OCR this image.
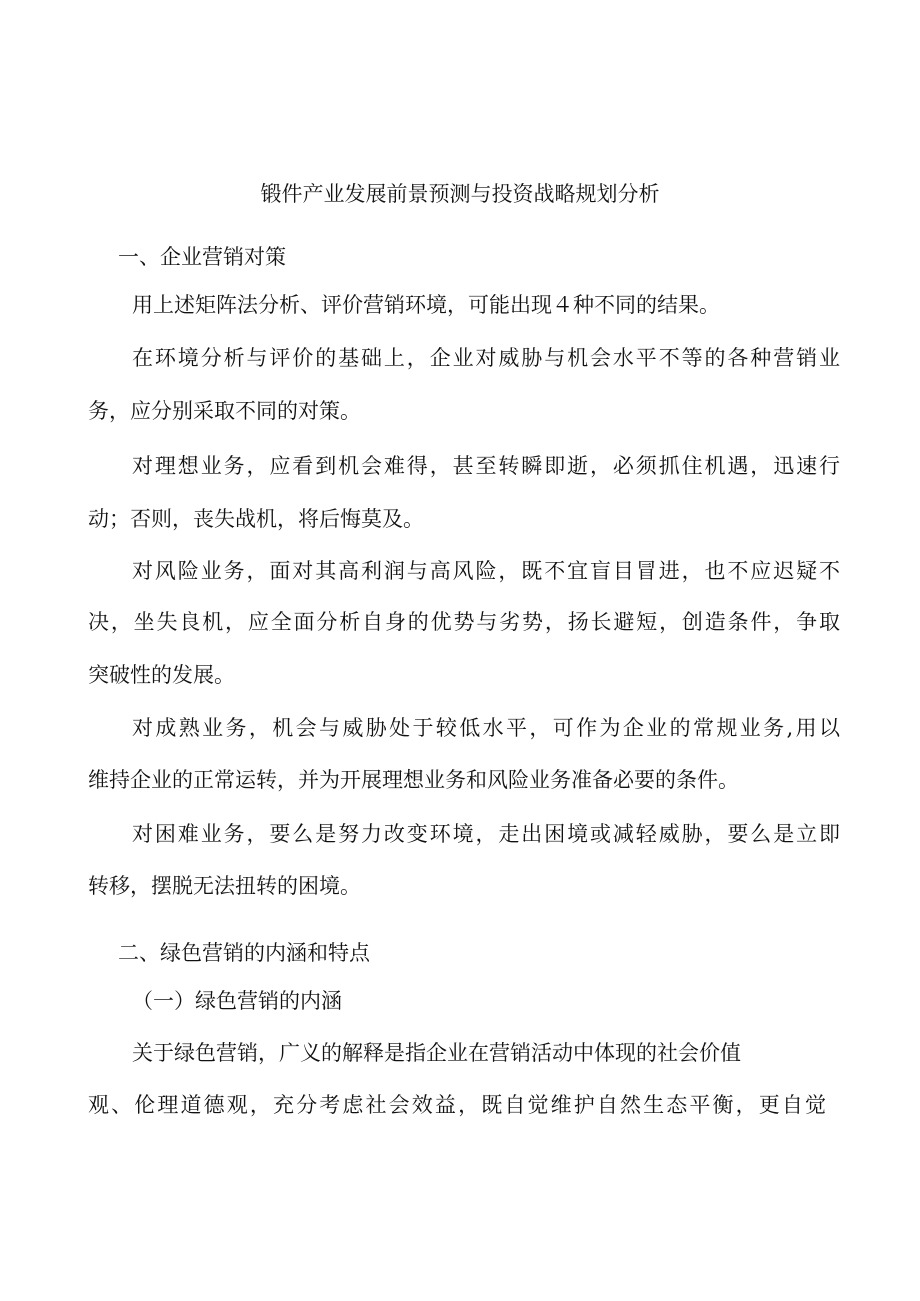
锻件产业发展前景预测与投资战略规划分析
一、企业营销对策
用上述矩阵法分析、评价营销环境，可能出现４种不同的结果。
在环境分析与评价的基础上，企业对威胁与机会水平不等的各种营销业
务，应分别采取不同的对策。
对理想业务，应看到机会难得，甚至转瞬即逝，必须抓住机遇，迅速行
动；否则，丧失战机，将后悔莫及。
对风险业务，面对其高利润与高风险，既不宜盲目冒进，也不应迟疑不
决，坐失良机，应全面分析自身的优势与劣势，扬长避短，创造条件，争取
突破性的发展。
对成熟业务，机会与威胁处于较低水平，可作为企业的常规业务,用以
维持企业的正常运转，并为开展理想业务和风险业务准备必要的条件。
对困难业务，要么是努力改变环境，走出困境或减轻威胁，要么是立即
转移，摆脱无法扭转的困境。
二、绿色营销的内涵和特点
（一）绿色营销的内涵
关于绿色营销，广义的解释是指企业在营销活动中体现的社会价值
观、伦理道德观，充分考虑社会效益，既自觉维护自然生态平衡，更自觉
